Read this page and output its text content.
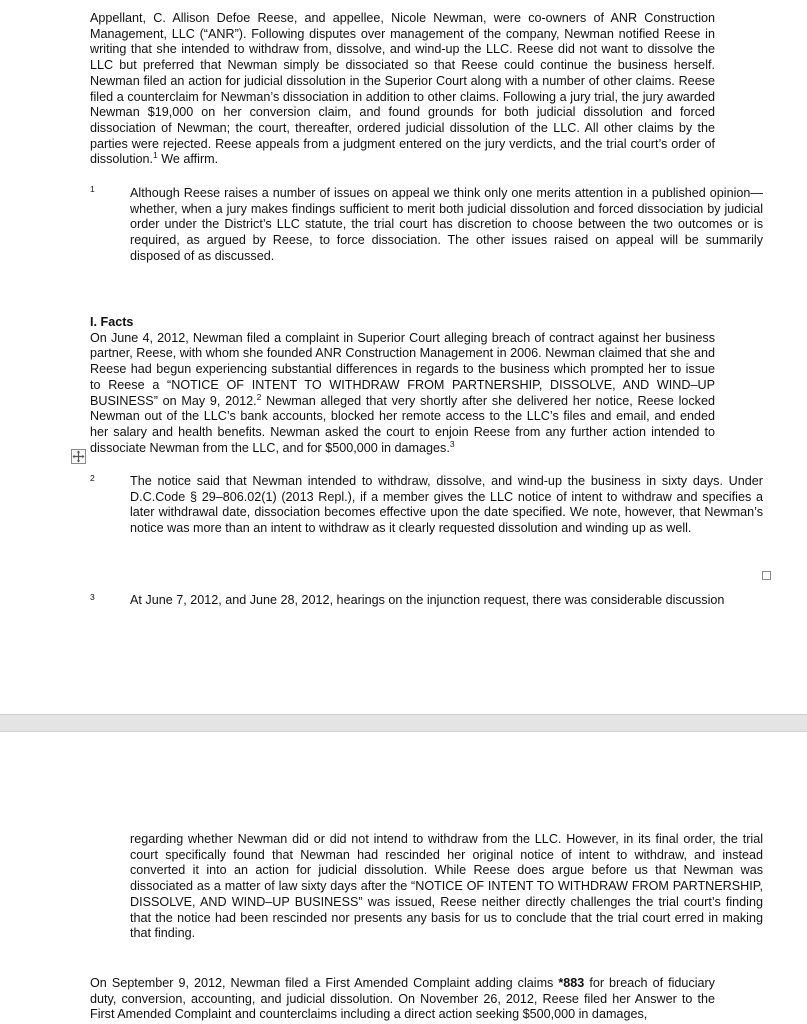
Appellant, C. Allison Defoe Reese, and appellee, Nicole Newman, were co-owners of ANR Construction Management, LLC (“ANR”). Following disputes over management of the company, Newman notified Reese in writing that she intended to withdraw from, dissolve, and wind-up the LLC. Reese did not want to dissolve the LLC but preferred that Newman simply be dissociated so that Reese could continue the business herself. Newman filed an action for judicial dissolution in the Superior Court along with a number of other claims. Reese filed a counterclaim for Newman’s dissociation in addition to other claims. Following a jury trial, the jury awarded Newman $19,000 on her conversion claim, and found grounds for both judicial dissolution and forced dissociation of Newman; the court, thereafter, ordered judicial dissolution of the LLC. All other claims by the parties were rejected. Reese appeals from a judgment entered on the jury verdicts, and the trial court’s order of dissolution.$^1$ We affirm.

1	Although Reese raises a number of issues on appeal we think only one merits attention in a published opinion—whether, when a jury makes findings sufficient to merit both judicial dissolution and forced dissociation by judicial order under the District’s LLC statute, the trial court has discretion to choose between the two outcomes or is required, as argued by Reese, to force dissociation. The other issues raised on appeal will be summarily disposed of as discussed.

I. Facts
On June 4, 2012, Newman filed a complaint in Superior Court alleging breach of contract against her business partner, Reese, with whom she founded ANR Construction Management in 2006. Newman claimed that she and Reese had begun experiencing substantial differences in regards to the business which prompted her to issue to Reese a “NOTICE OF INTENT TO WITHDRAW FROM PARTNERSHIP, DISSOLVE, AND WIND–UP BUSINESS” on May 9, 2012.$^2$ Newman alleged that very shortly after she delivered her notice, Reese locked Newman out of the LLC’s bank accounts, blocked her remote access to the LLC’s files and email, and ended her salary and health benefits. Newman asked the court to enjoin Reese from any further action intended to dissociate Newman from the LLC, and for $500,000 in damages.$^3$

2	The notice said that Newman intended to withdraw, dissolve, and wind-up the business in sixty days. Under D.C.Code § 29–806.02(1) (2013 Repl.), if a member gives the LLC notice of intent to withdraw and specifies a later withdrawal date, dissociation becomes effective upon the date specified. We note, however, that Newman’s notice was more than an intent to withdraw as it clearly requested dissolution and winding up as well.

3	At June 7, 2012, and June 28, 2012, hearings on the injunction request, there was considerable discussion

regarding whether Newman did or did not intend to withdraw from the LLC. However, in its final order, the trial court specifically found that Newman had rescinded her original notice of intent to withdraw, and instead converted it into an action for judicial dissolution. While Reese does argue before us that Newman was dissociated as a matter of law sixty days after the “NOTICE OF INTENT TO WITHDRAW FROM PARTNERSHIP, DISSOLVE, AND WIND–UP BUSINESS” was issued, Reese neither directly challenges the trial court’s finding that the notice had been rescinded nor presents any basis for us to conclude that the trial court erred in making that finding.

On September 9, 2012, Newman filed a First Amended Complaint adding claims *883 for breach of fiduciary duty, conversion, accounting, and judicial dissolution. On November 26, 2012, Reese filed her Answer to the First Amended Complaint and counterclaims including a direct action seeking $500,000 in damages,
